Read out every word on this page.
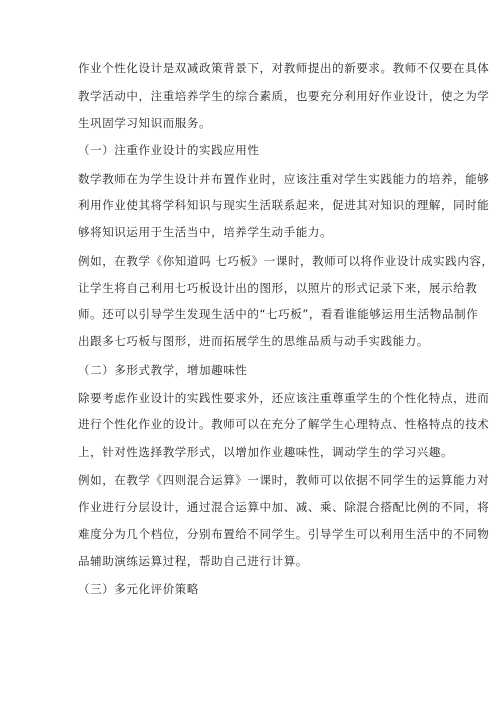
作业个性化设计是双减政策背景下，对教师提出的新要求。教师不仅要在具体
教学活动中，注重培养学生的综合素质，也要充分利用好作业设计，使之为学
生巩固学习知识而服务。
（一）注重作业设计的实践应用性
数学教师在为学生设计并布置作业时，应该注重对学生实践能力的培养，能够
利用作业使其将学科知识与现实生活联系起来，促进其对知识的理解，同时能
够将知识运用于生活当中，培养学生动手能力。
例如，在教学《你知道吗 七巧板》一课时，教师可以将作业设计成实践内容，
让学生将自己利用七巧板设计出的图形，以照片的形式记录下来，展示给教
师。还可以引导学生发现生活中的“七巧板”，看看谁能够运用生活物品制作
出跟多七巧板与图形，进而拓展学生的思维品质与动手实践能力。
（二）多形式教学，增加趣味性
除要考虑作业设计的实践性要求外，还应该注重尊重学生的个性化特点，进而
进行个性化作业的设计。教师可以在充分了解学生心理特点、性格特点的技术
上，针对性选择教学形式，以增加作业趣味性，调动学生的学习兴趣。
例如，在教学《四则混合运算》一课时，教师可以依据不同学生的运算能力对
作业进行分层设计，通过混合运算中加、减、乘、除混合搭配比例的不同，将
难度分为几个档位，分别布置给不同学生。引导学生可以利用生活中的不同物
品辅助演练运算过程，帮助自己进行计算。
（三）多元化评价策略
